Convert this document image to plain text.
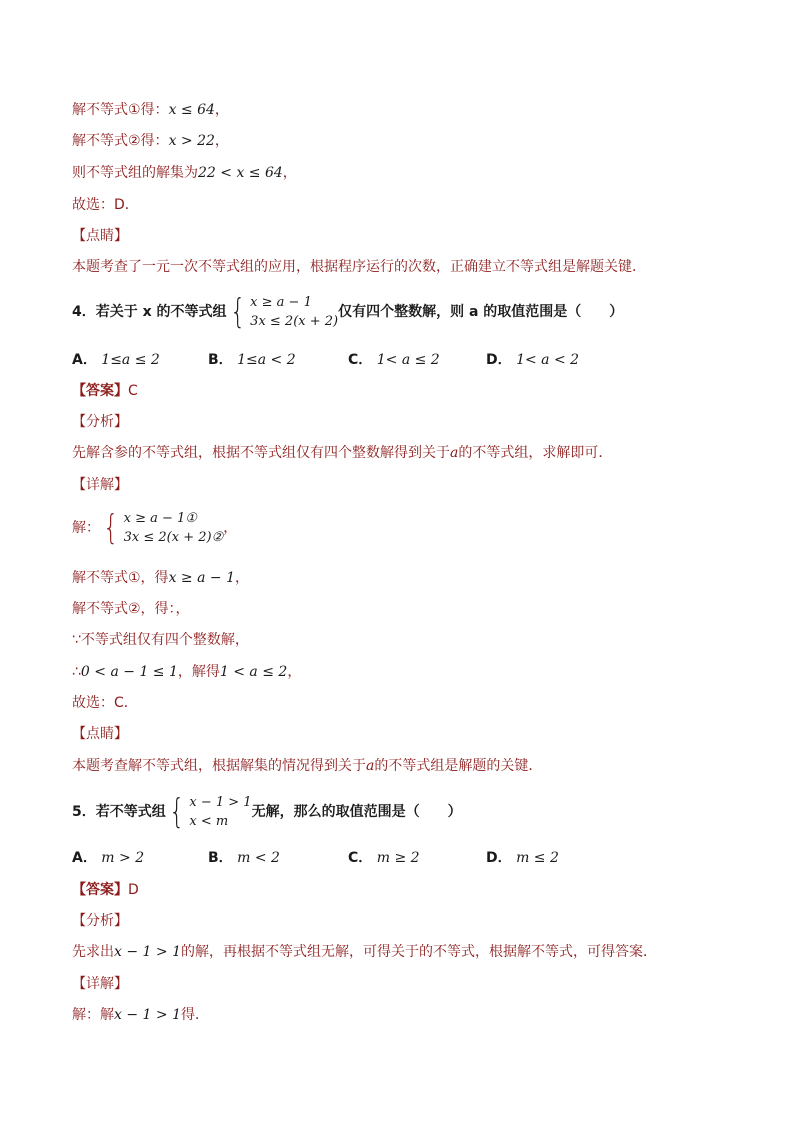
解不等式①得：x ≤ 64，
解不等式②得：x > 22，
则不等式组的解集为22 < x ≤ 64，
故选：D．
【点睛】
本题考查了一元一次不等式组的应用，根据程序运行的次数，正确建立不等式组是解题关键．
4．若关于 x 的不等式组 { x ≥ a − 1
3x ≤ 2(x + 2)
仅有四个整数解，则 a 的取值范围是（　　）
A． 1≤a ≤ 2	B． 1≤a < 2	C． 1< a ≤ 2	D． 1< a < 2
【答案】C
【分析】
先解含参的不等式组，根据不等式组仅有四个整数解得到关于a的不等式组，求解即可．
【详解】
解： { x ≥ a − 1①
3x ≤ 2(x + 2)②
，
解不等式①，得x ≥ a − 1，
解不等式②，得：，
∵不等式组仅有四个整数解，
∴0 < a − 1 ≤ 1，解得1 < a ≤ 2，
故选：C．
【点睛】
本题考查解不等式组，根据解集的情况得到关于a的不等式组是解题的关键．
5．若不等式组 { x − 1 > 1
x < m
无解，那么的取值范围是（　　）
A． m > 2	B． m < 2	C． m ≥ 2	D． m ≤ 2
【答案】D
【分析】
先求出x − 1 > 1的解，再根据不等式组无解，可得关于的不等式，根据解不等式，可得答案．
【详解】
解：解x − 1 > 1得．
